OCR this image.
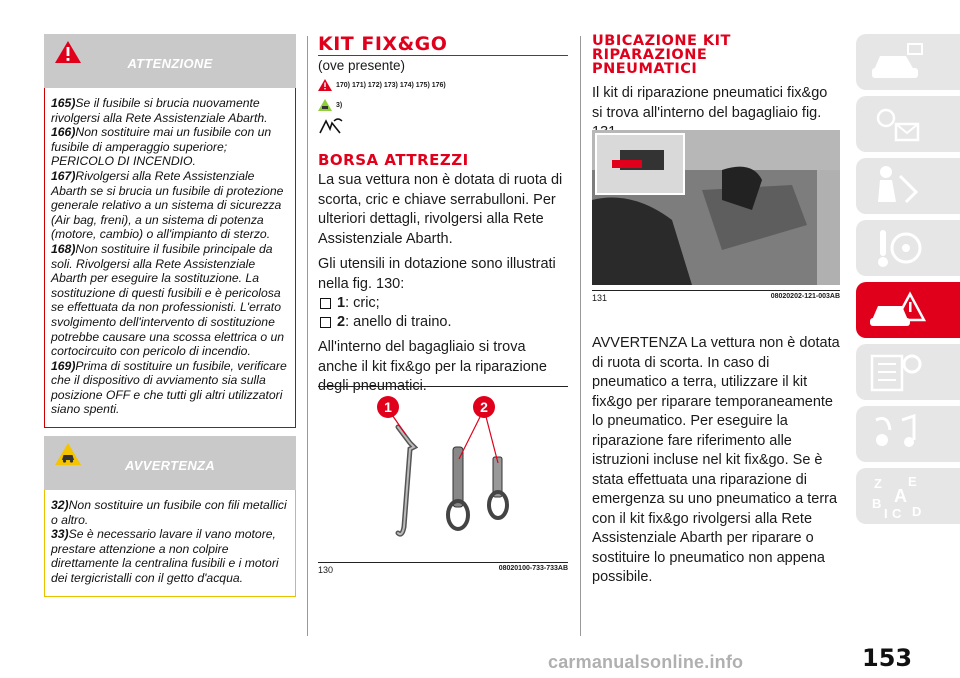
ATTENZIONE

165)Se il fusibile si brucia nuovamente rivolgersi alla Rete Assistenziale Abarth.

166)Non sostituire mai un fusibile con un fusibile di amperaggio superiore; PERICOLO DI INCENDIO.

167)Rivolgersi alla Rete Assistenziale Abarth se si brucia un fusibile di protezione generale relativo a un sistema di sicurezza (Air bag, freni), a un sistema di potenza (motore, cambio) o all'impianto di sterzo.

168)Non sostituire il fusibile principale da soli. Rivolgersi alla Rete Assistenziale Abarth per eseguire la sostituzione. La sostituzione di questi fusibili e è pericolosa se effettuata da non professionisti. L'errato svolgimento dell'intervento di sostituzione potrebbe causare una scossa elettrica o un cortocircuito con pericolo di incendio.

169)Prima di sostituire un fusibile, verificare che il dispositivo di avviamento sia sulla posizione OFF e che tutti gli altri utilizzatori siano spenti.

AVVERTENZA

32)Non sostituire un fusibile con fili metallici o altro.

33)Se è necessario lavare il vano motore, prestare attenzione a non colpire direttamente la centralina fusibili e i motori dei tergicristalli con il getto d'acqua.

KIT FIX&GO
(ove presente)
170) 171) 172) 173) 174) 175) 176)
3)
BORSA ATTREZZI

La sua vettura non è dotata di ruota di scorta, cric e chiave serrabulloni. Per ulteriori dettagli, rivolgersi alla Rete Assistenziale Abarth.

Gli utensili in dotazione sono illustrati nella fig. 130:

1 : cric;
2 : anello di traino.

All'interno del bagagliaio si trova anche il kit fix&go per la riparazione degli pneumatici.

1	2
130	08020100-733-733AB
UBICAZIONE KIT
RIPARAZIONE
PNEUMATICI

Il kit di riparazione pneumatici fix&go si trova all'interno del bagagliaio fig.

131	08020202-121-003AB
AVVERTENZA La vettura non è dotata di ruota di scorta. In caso di pneumatico a terra, utilizzare il kit fix&go per riparare temporaneamente lo pneumatico. Per eseguire la riparazione fare riferimento alle istruzioni incluse nel kit fix&go. Se è stata effettuata una riparazione di emergenza su uno pneumatico a terra con il kit fix&go rivolgersi alla Rete Assistenziale Abarth per riparare o sostituire lo pneumatico non appena possibile.
Z E
A
B
I C D
153
carmanualsonline.info
